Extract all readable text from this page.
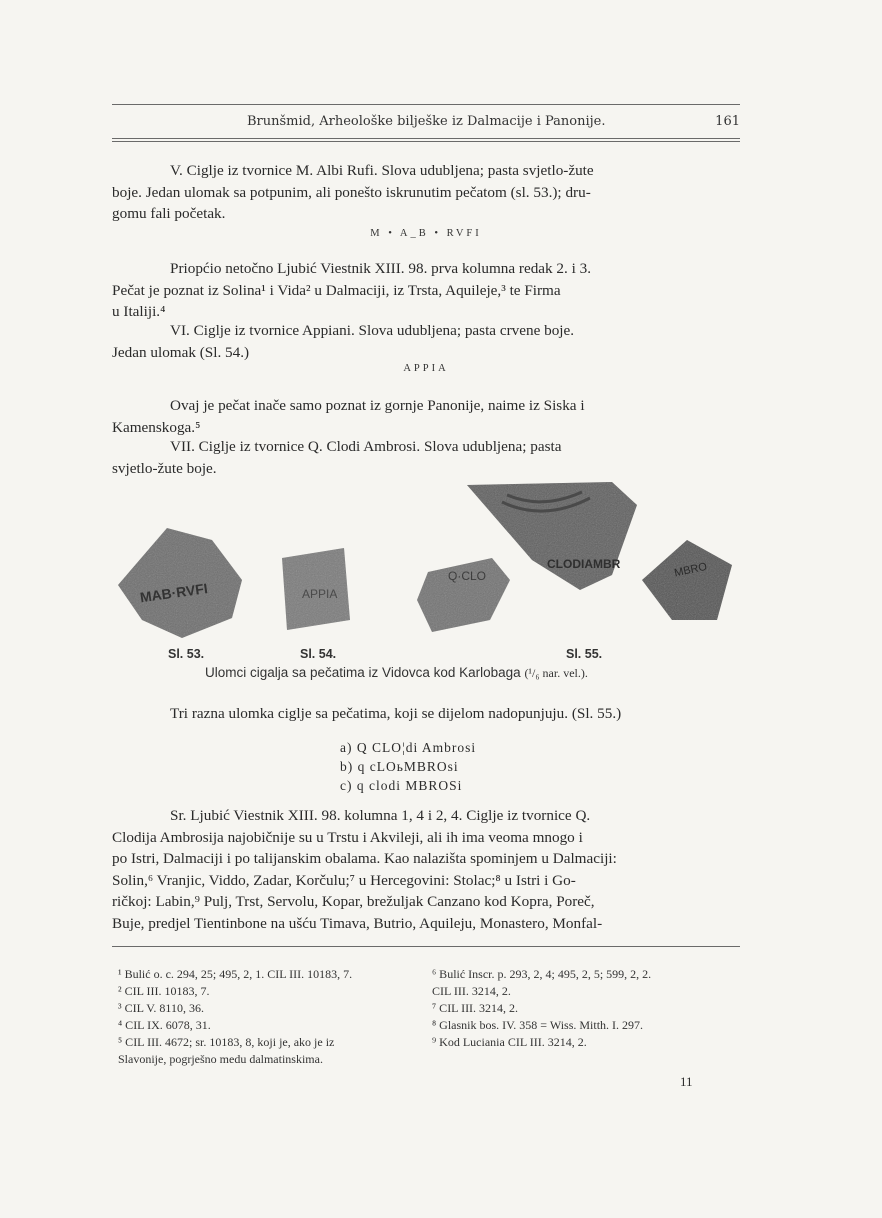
Brunšmid, Arheološke bilješke iz Dalmacije i Panonije.	161

V. Ciglje iz tvornice M. Albi Rufi. Slova udubljena; pasta svjetlo-žute

boje. Jedan ulomak sa potpunim, ali ponešto iskrunutim pečatom (sl. 53.); dru-

gomu fali početak.

M • A_B • RVFI

Priopćio netočno Ljubić Viestnik XIII. 98. prva kolumna redak 2. i 3.

Pečat je poznat iz Solina¹ i Vida² u Dalmaciji, iz Trsta, Aquileje,³ te Firma

u Italiji.⁴

VI. Ciglje iz tvornice Appiani. Slova udubljena; pasta crvene boje.

Jedan ulomak (Sl. 54.)

APPIA

Ovaj je pečat inače samo poznat iz gornje Panonije, naime iz Siska i

Kamenskoga.⁵

VII. Ciglje iz tvornice Q. Clodi Ambrosi. Slova udubljena; pasta

svjetlo-žute boje.

MAB·RVFI	APPIA
Q·CLO
CLODIAMBR	MBRO
Sl. 53.	Sl. 54.	Sl. 55.
Ulomci cigalja sa pečatima iz Vidovca kod Karlobaga (¹/₆ nar. vel.).

Tri razna ulomka ciglje sa pečatima, koji se dijelom nadopunjuju. (Sl. 55.)

a) Q CLO¦di Ambrosi
b) q cLOьMBROsi
c) q clodi MBROSi

Sr. Ljubić Viestnik XIII. 98. kolumna 1, 4 i 2, 4. Ciglje iz tvornice Q.

Clodija Ambrosija najobičnije su u Trstu i Akvileji, ali ih ima veoma mnogo i

po Istri, Dalmaciji i po talijanskim obalama. Kao nalazišta spominjem u Dalmaciji:

Solin,⁶ Vranjic, Viddo, Zadar, Korčulu;⁷ u Hercegovini: Stolac;⁸ u Istri i Go-

ričkoj: Labin,⁹ Pulj, Trst, Servolu, Kopar, brežuljak Canzano kod Kopra, Poreč,

Buje, predjel Tientinbone na ušću Timava, Butrio, Aquileju, Monastero, Monfal-

¹ Bulić o. c. 294, 25; 495, 2, 1. CIL III. 10183, 7.
² CIL III. 10183, 7.
³ CIL V. 8110, 36.
⁴ CIL IX. 6078, 31.
⁵ CIL III. 4672; sr. 10183, 8, koji je, ako je iz
Slavonije, pogrješno medu dalmatinskima.
⁶ Bulić Inscr. p. 293, 2, 4; 495, 2, 5; 599, 2, 2.
CIL III. 3214, 2.
⁷ CIL III. 3214, 2.
⁸ Glasnik bos. IV. 358 = Wiss. Mitth. I. 297.
⁹ Kod Luciania CIL III. 3214, 2.
11
